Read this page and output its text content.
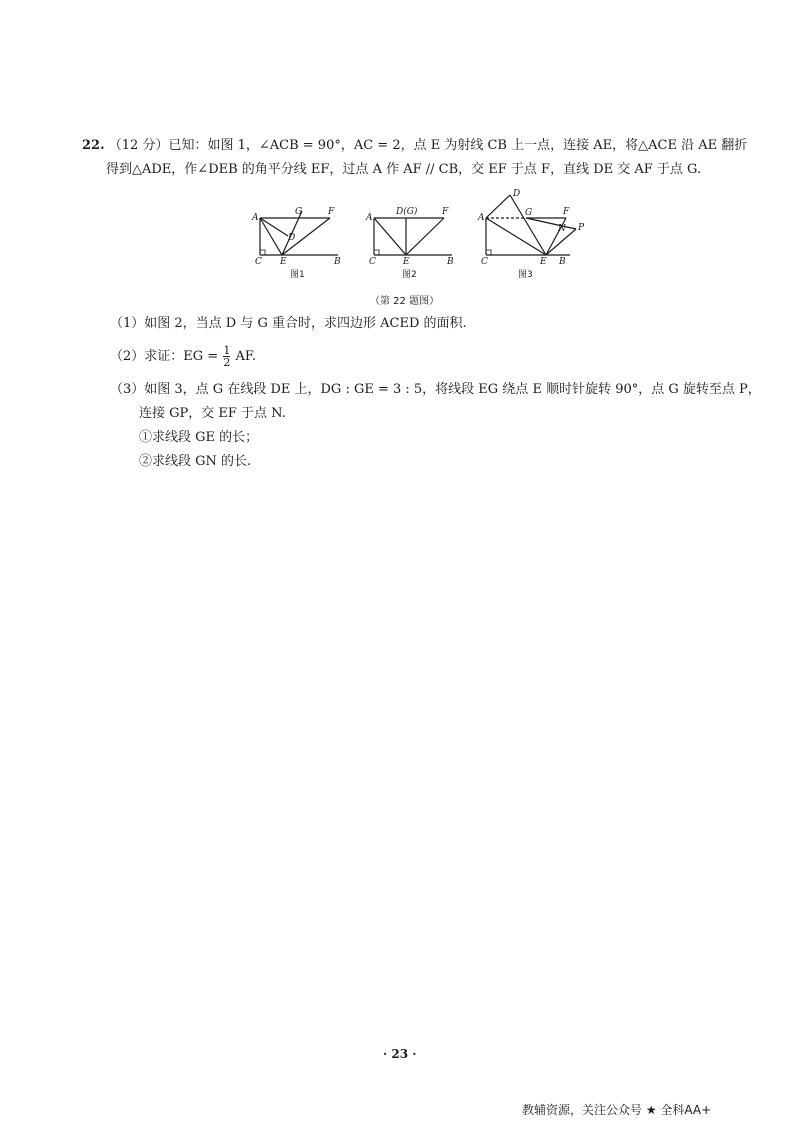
22. （12 分）已知：如图 1，∠ACB = 90°，AC = 2，点 E 为射线 CB 上一点，连接 AE，将△ACE 沿 AE 翻折
得到△ADE，作∠DEB 的角平分线 EF，过点 A 作 AF // CB，交 EF 于点 F，直线 DE 交 AF 于点 G.
A
G	F
D
C E	B
图1
A
D(G)	F
C	E	B
图2
D
A	G	F
N P
C	E B
图3
（第 22 题图）
（1）如图 2，当点 D 与 G 重合时，求四边形 ACED 的面积.
（2）求证：EG = $\frac{1}{2}$ AF.
（3）如图 3，点 G 在线段 DE 上，DG : GE = 3 : 5，将线段 EG 绕点 E 顺时针旋转 90°，点 G 旋转至点 P，
连接 GP，交 EF 于点 N.
①求线段 GE 的长；
②求线段 GN 的长.
· 23 ·
教辅资源，关注公众号 ★ 全科AA+
